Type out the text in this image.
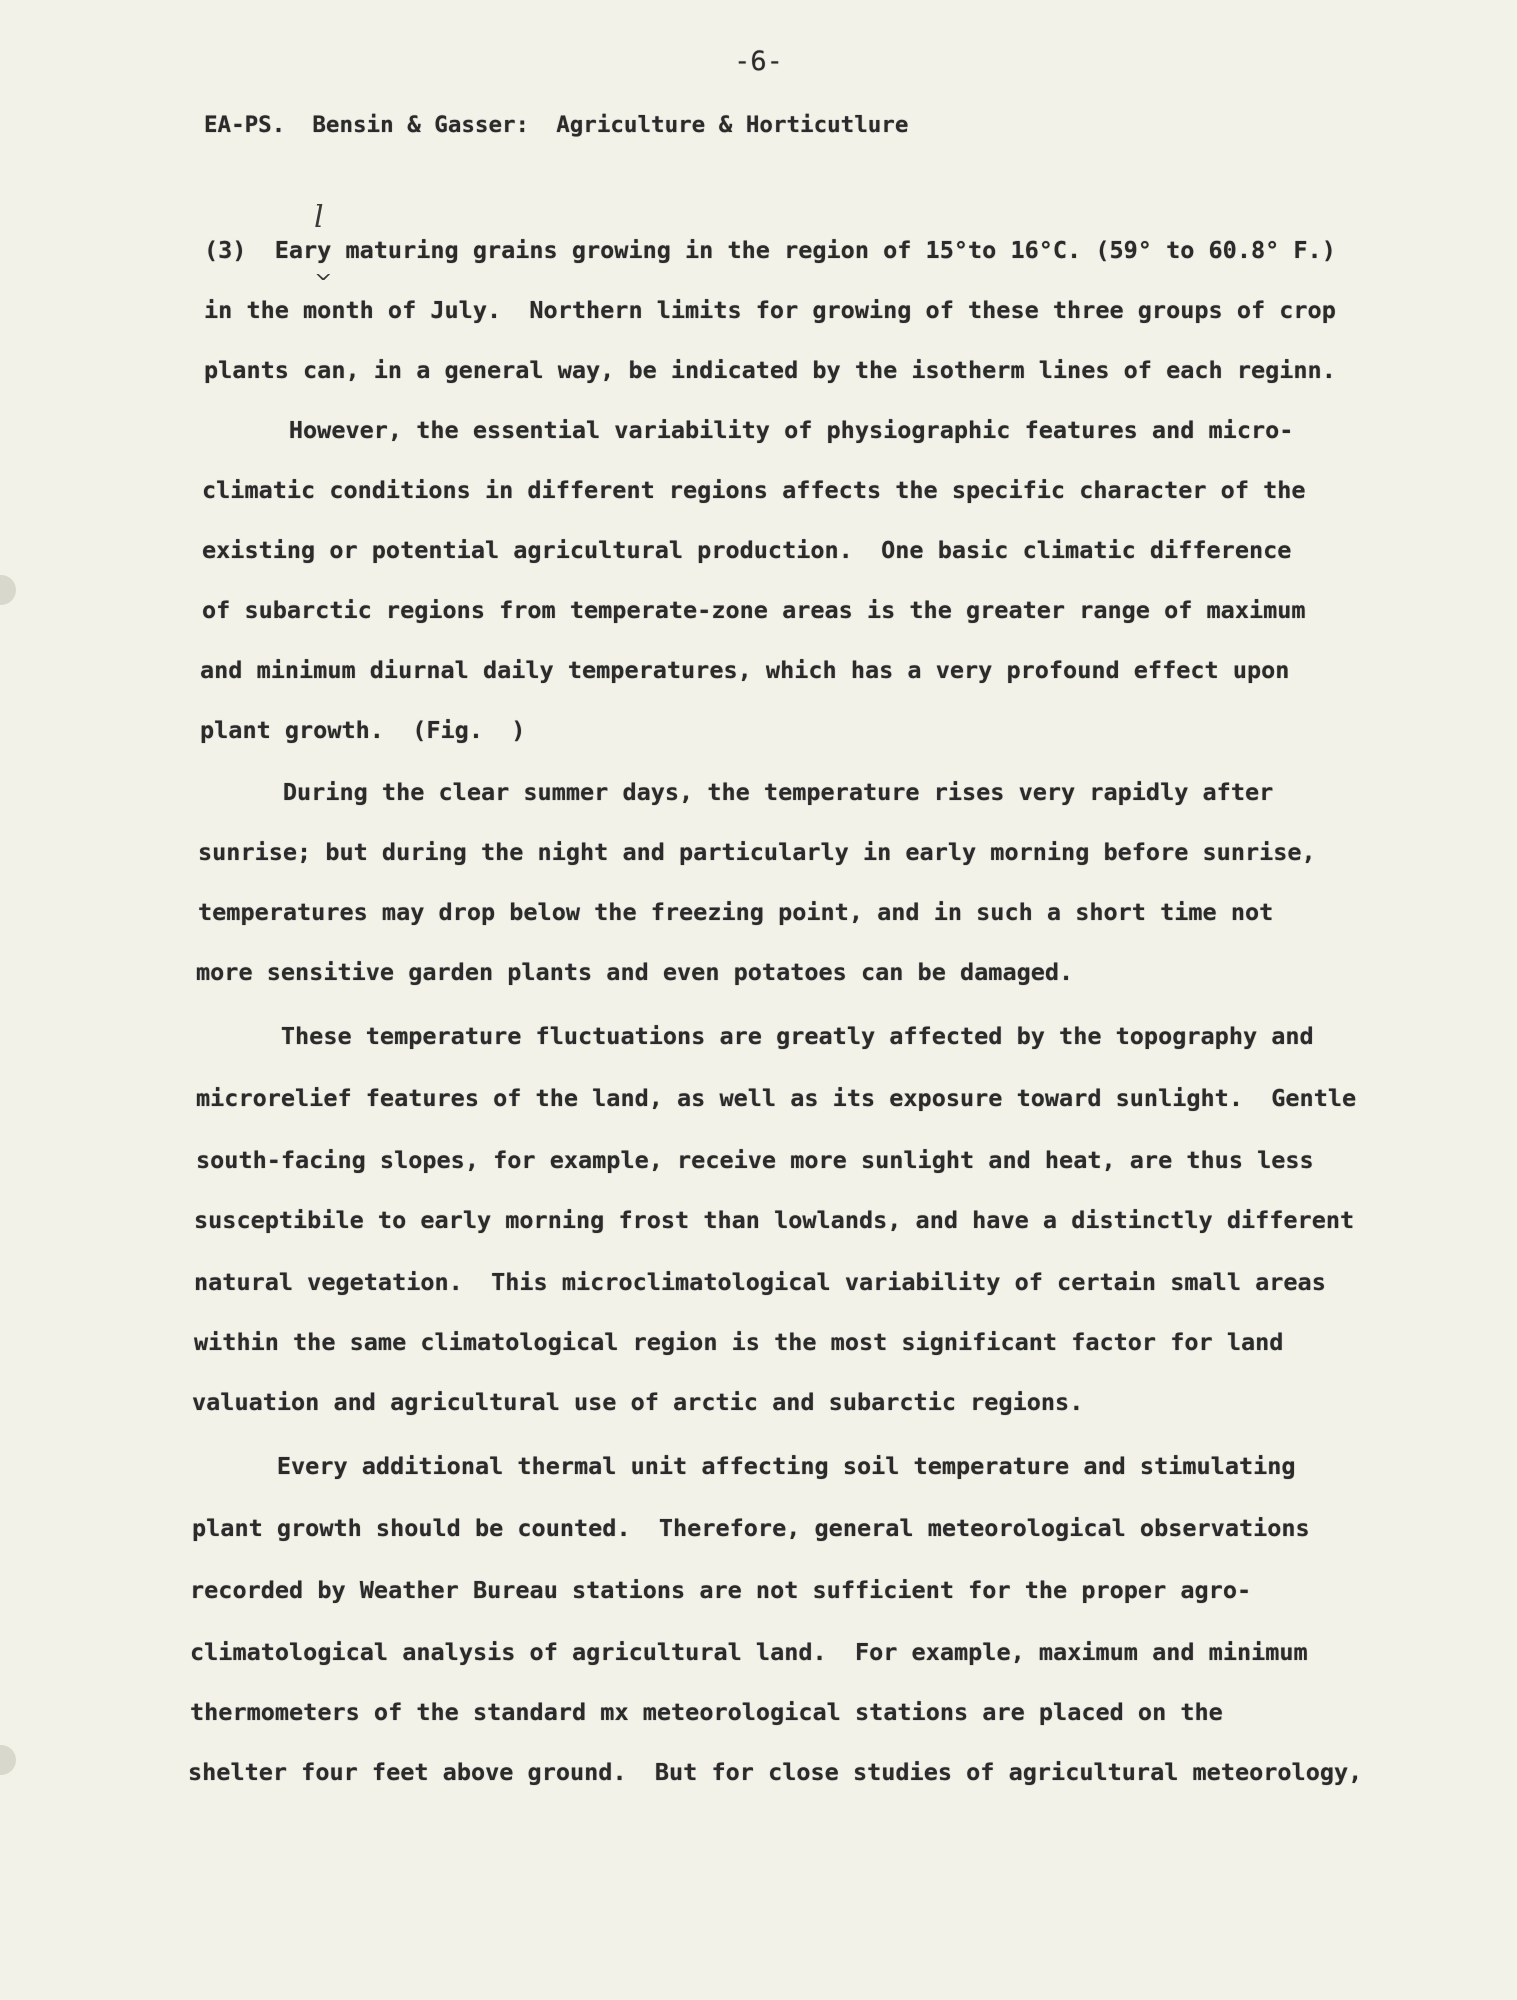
-6-
EA-PS.  Bensin & Gasser:  Agriculture & Horticutlure
l
^
(3)  Eary maturing grains growing in the region of 15°to 16°C. (59° to 60.8° F.)
in the month of July.  Northern limits for growing of these three groups of crop
plants can, in a general way, be indicated by the isotherm lines of each reginn.
However, the essential variability of physiographic features and micro-
climatic conditions in different regions affects the specific character of the
existing or potential agricultural production.  One basic climatic difference
of subarctic regions from temperate-zone areas is the greater range of maximum
and minimum diurnal daily temperatures, which has a very profound effect upon
plant growth.  (Fig.  )
During the clear summer days, the temperature rises very rapidly after
sunrise; but during the night and particularly in early morning before sunrise,
temperatures may drop below the freezing point, and in such a short time not
more sensitive garden plants and even potatoes can be damaged.
These temperature fluctuations are greatly affected by the topography and
microrelief features of the land, as well as its exposure toward sunlight.  Gentle
south-facing slopes, for example, receive more sunlight and heat, are thus less
susceptibile to early morning frost than lowlands, and have a distinctly different
natural vegetation.  This microclimatological variability of certain small areas
within the same climatological region is the most significant factor for land
valuation and agricultural use of arctic and subarctic regions.
Every additional thermal unit affecting soil temperature and stimulating
plant growth should be counted.  Therefore, general meteorological observations
recorded by Weather Bureau stations are not sufficient for the proper agro-
climatological analysis of agricultural land.  For example, maximum and minimum
thermometers of the standard mx meteorological stations are placed on the
shelter four feet above ground.  But for close studies of agricultural meteorology,
